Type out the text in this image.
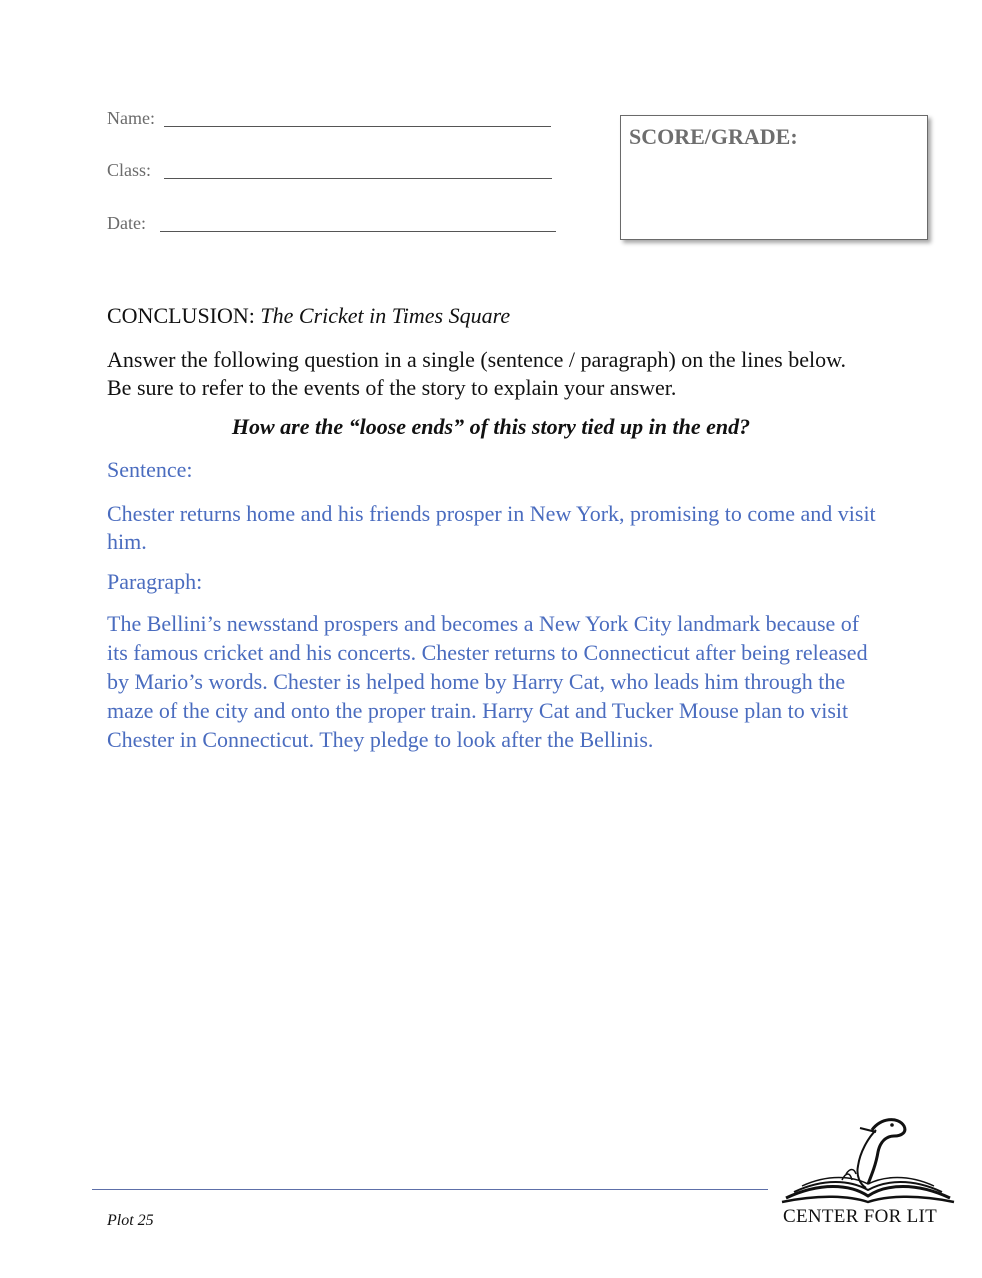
Name:
Class:
Date:
SCORE/GRADE:
CONCLUSION: The Cricket in Times Square
Answer the following question in a single (sentence / paragraph) on the lines below. Be sure to refer to the events of the story to explain your answer.
How are the “loose ends” of this story tied up in the end?
Sentence:
Chester returns home and his friends prosper in New York, promising to come and visit him.
Paragraph:
The Bellini’s newsstand prospers and becomes a New York City landmark because of its famous cricket and his concerts. Chester returns to Connecticut after being released by Mario’s words. Chester is helped home by Harry Cat, who leads him through the maze of the city and onto the proper train. Harry Cat and Tucker Mouse plan to visit Chester in Connecticut. They pledge to look after the Bellinis.
Plot 25	CENTER FOR LIT
